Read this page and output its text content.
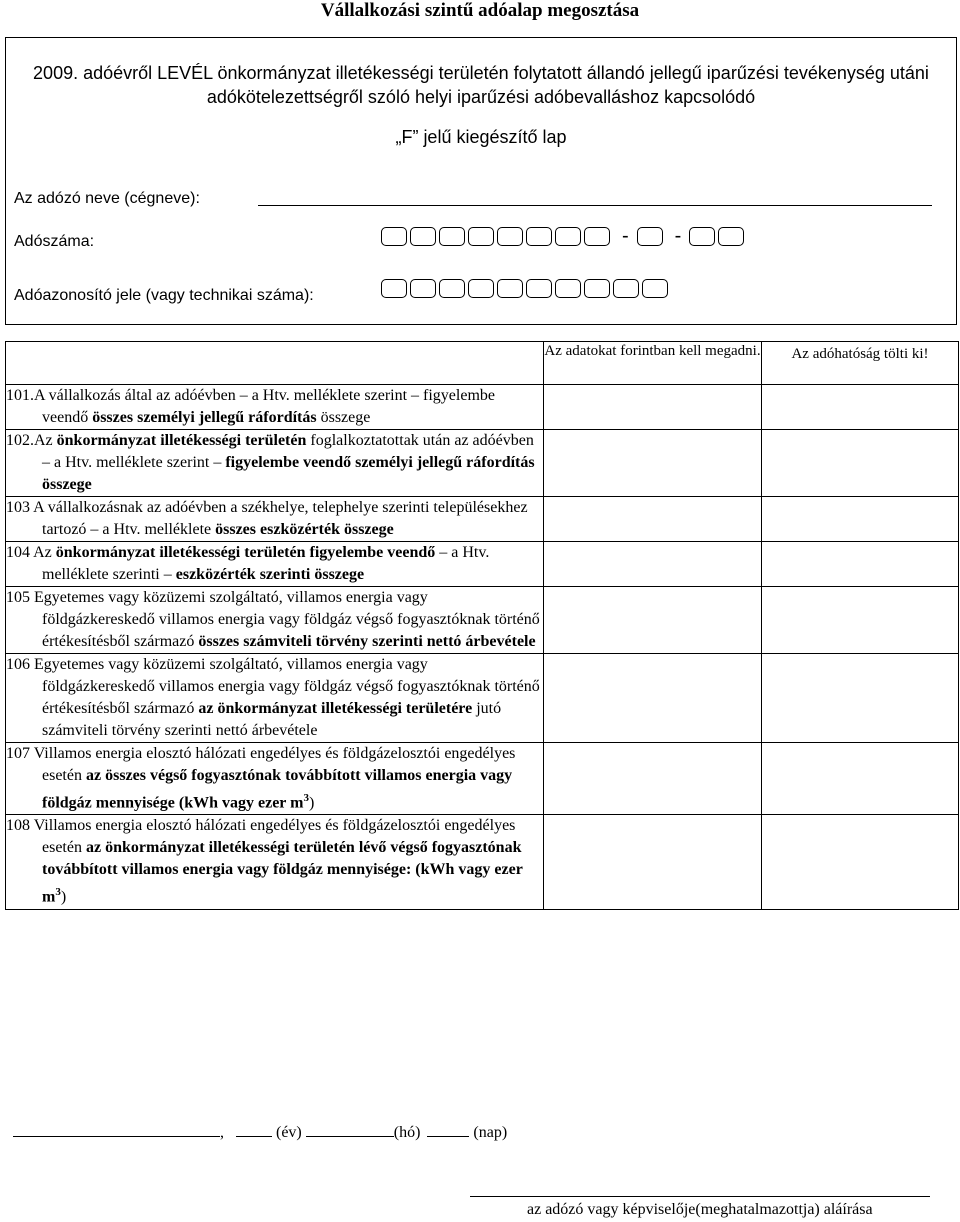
Vállalkozási szintű adóalap megosztása
2009. adóévről LEVÉL önkormányzat illetékességi területén folytatott állandó jellegű iparűzési tevékenység utáni
adókötelezettségről szóló helyi iparűzési adóbevalláshoz kapcsolódó
„F” jelű kiegészítő lap
Az adózó neve (cégneve):
Adószáma:	- -
Adóazonosító jele (vagy technikai száma):
	Az adatokat forintban kell megadni.	Az adóhatóság tölti ki!

101.A vállalkozás által az adóévben – a Htv. melléklete szerint – figyelembe veendő összes személyi jellegű ráfordítás összege		

102.Az önkormányzat illetékességi területén foglalkoztatottak után az adóévben – a Htv. melléklete szerint – figyelembe veendő személyi jellegű ráfordítás összege		

103 A vállalkozásnak az adóévben a székhelye, telephelye szerinti településekhez tartozó – a Htv. melléklete összes eszközérték összege		

104 Az önkormányzat illetékességi területén figyelembe veendő – a Htv. melléklete szerinti – eszközérték szerinti összege		

105 Egyetemes vagy közüzemi szolgáltató, villamos energia vagy földgázkereskedő villamos energia vagy földgáz végső fogyasztóknak történő értékesítésből származó összes számviteli törvény szerinti nettó árbevétele		

106 Egyetemes vagy közüzemi szolgáltató, villamos energia vagy földgázkereskedő villamos energia vagy földgáz végső fogyasztóknak történő értékesítésből származó az önkormányzat illetékességi területére jutó számviteli törvény szerinti nettó árbevétele		

107 Villamos energia elosztó hálózati engedélyes és földgázelosztói engedélyes esetén az összes végső fogyasztónak továbbított villamos energia vagy földgáz mennyisége (kWh vagy ezer $m^3$)		

108 Villamos energia elosztó hálózati engedélyes és földgázelosztói engedélyes esetén az önkormányzat illetékességi területén lévő végső fogyasztónak továbbított villamos energia vagy földgáz mennyisége: (kWh vagy ezer $m^3$)		

,	(év)	(hó)	(nap)
az adózó vagy képviselője(meghatalmazottja) aláírása
